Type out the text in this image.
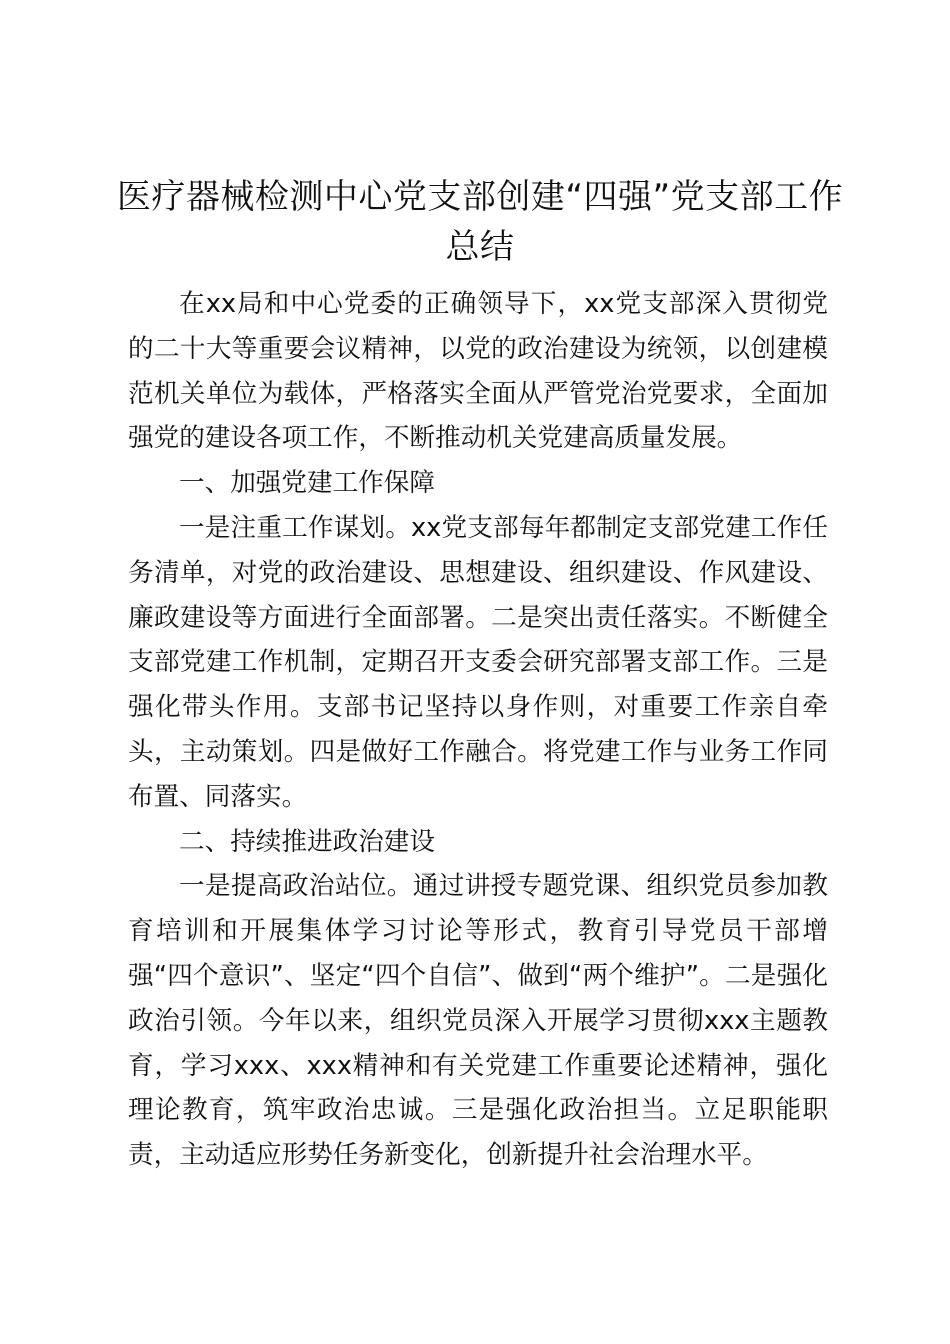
医疗器械检测中心党支部创建“四强”党支部工作总结

在xx局和中心党委的正确领导下，xx党支部深入贯彻党的二十大等重要会议精神，以党的政治建设为统领，以创建模范机关单位为载体，严格落实全面从严管党治党要求，全面加强党的建设各项工作，不断推动机关党建高质量发展。

一、加强党建工作保障

一是注重工作谋划。xx党支部每年都制定支部党建工作任务清单，对党的政治建设、思想建设、组织建设、作风建设、廉政建设等方面进行全面部署。二是突出责任落实。不断健全支部党建工作机制，定期召开支委会研究部署支部工作。三是强化带头作用。支部书记坚持以身作则，对重要工作亲自牵头，主动策划。四是做好工作融合。将党建工作与业务工作同布置、同落实。

二、持续推进政治建设

一是提高政治站位。通过讲授专题党课、组织党员参加教育培训和开展集体学习讨论等形式，教育引导党员干部增强“四个意识”、坚定“四个自信”、做到“两个维护”。二是强化政治引领。今年以来，组织党员深入开展学习贯彻xxx主题教育，学习xxx、xxx精神和有关党建工作重要论述精神，强化理论教育，筑牢政治忠诚。三是强化政治担当。立足职能职责，主动适应形势任务新变化，创新提升社会治理水平。
